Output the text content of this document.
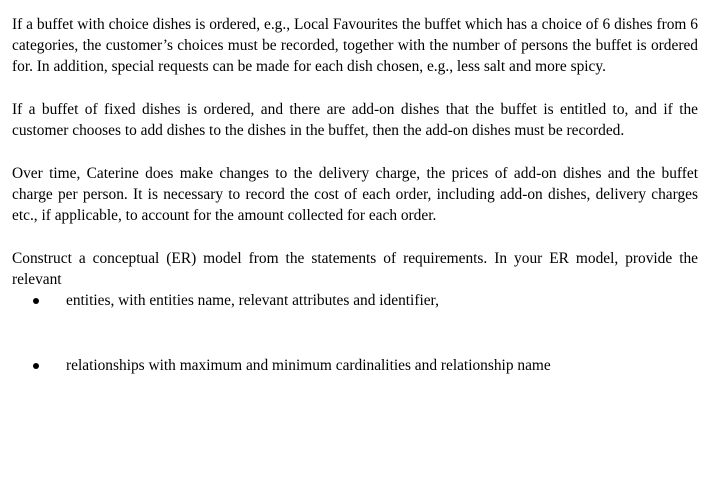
If a buffet with choice dishes is ordered, e.g., Local Favourites the buffet which has a choice of 6 dishes from 6 categories, the customer’s choices must be recorded, together with the number of persons the buffet is ordered for. In addition, special requests can be made for each dish chosen, e.g., less salt and more spicy.

If a buffet of fixed dishes is ordered, and there are add-on dishes that the buffet is entitled to, and if the customer chooses to add dishes to the dishes in the buffet, then the add-on dishes must be recorded.

Over time, Caterine does make changes to the delivery charge, the prices of add-on dishes and the buffet charge per person. It is necessary to record the cost of each order, including add-on dishes, delivery charges etc., if applicable, to account for the amount collected for each order.

Construct a conceptual (ER) model from the statements of requirements. In your ER model, provide the relevant

entities, with entities name, relevant attributes and identifier,
relationships with maximum and minimum cardinalities and relationship name
